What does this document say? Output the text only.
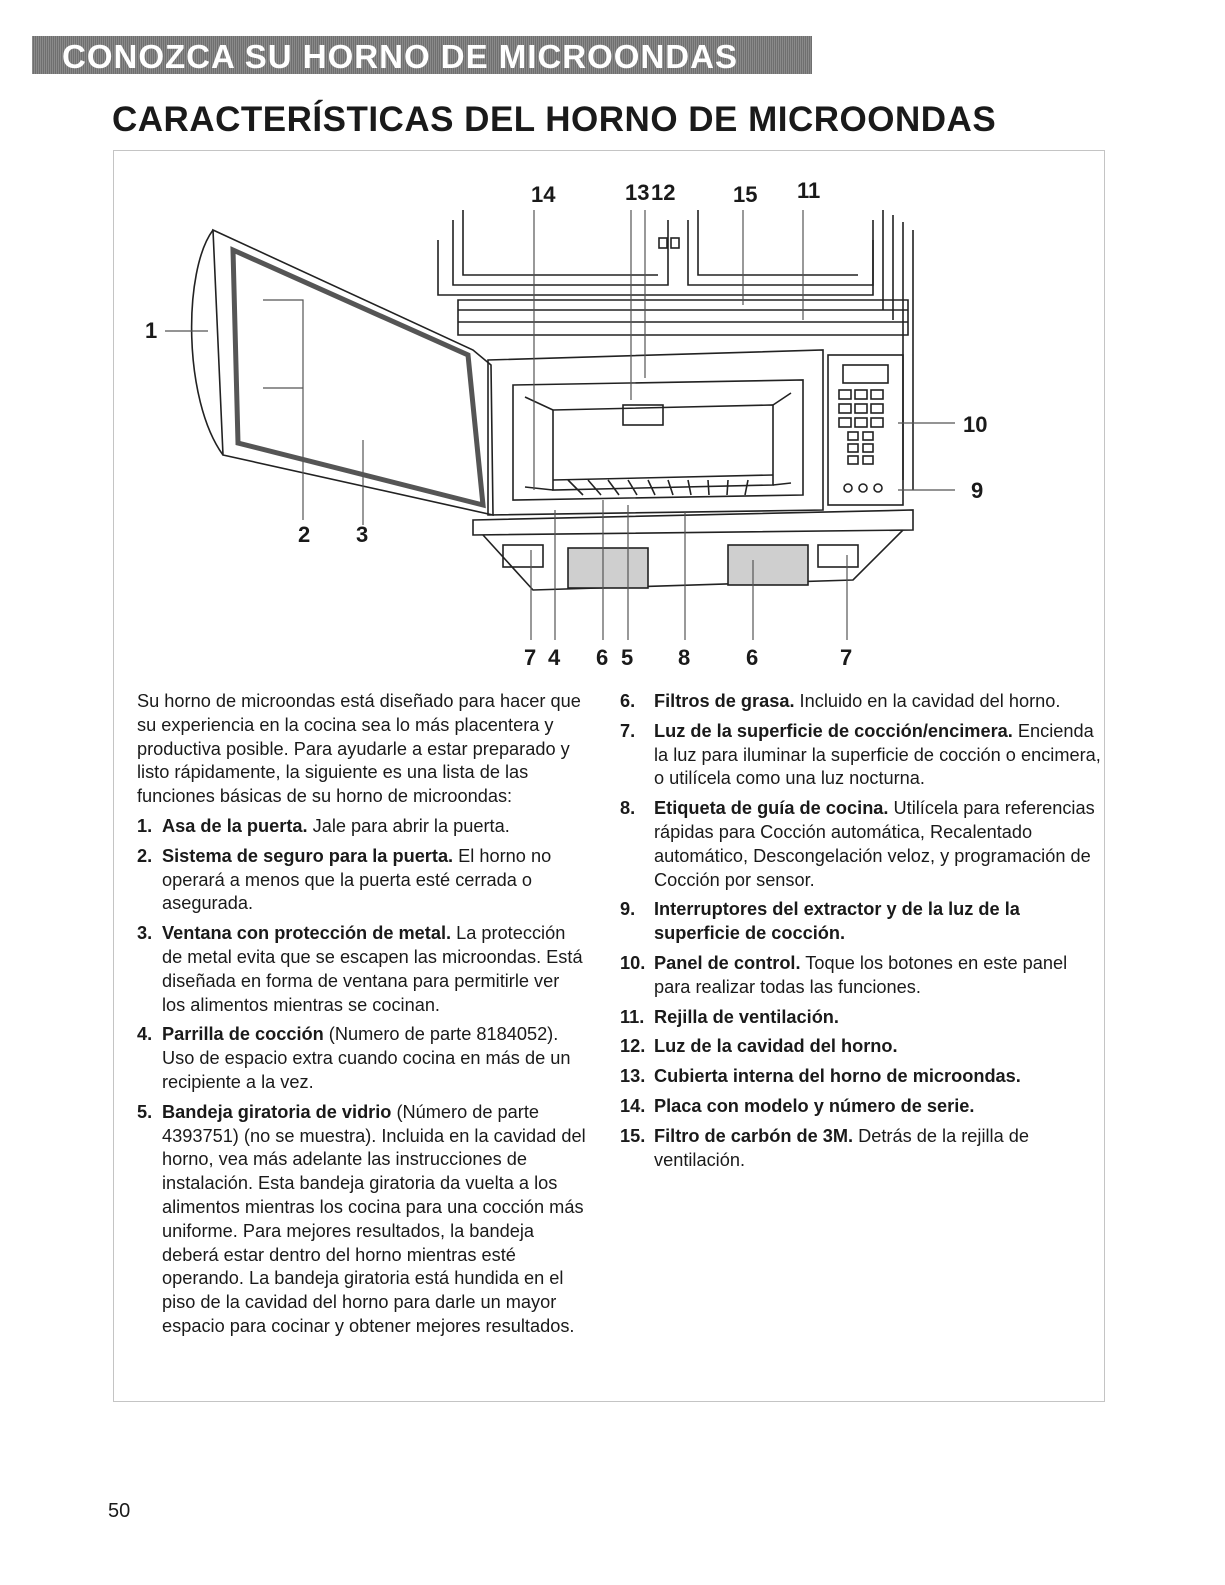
CONOZCA SU HORNO DE MICROONDAS
CARACTERÍSTICAS DEL HORNO DE MICROONDAS
14	13 12	15 11
1
2 3
10
9
7 4 6 5 8	6	7

Su horno de microondas está diseñado para hacer que su experiencia en la cocina sea lo más placentera y productiva posible. Para ayudarle a estar preparado y listo rápidamente, la siguiente es una lista de las funciones básicas de su horno de microondas:

1. Asa de la puerta. Jale para abrir la puerta.
2. Sistema de seguro para la puerta. El horno no operará a menos que la puerta esté cerrada o asegurada.
3. Ventana con protección de metal. La protección de metal evita que se escapen las microondas. Está diseñada en forma de ventana para permitirle ver los alimentos mientras se cocinan.
4. Parrilla de cocción (Numero de parte 8184052). Uso de espacio extra cuando cocina en más de un recipiente a la vez.
5. Bandeja giratoria de vidrio (Número de parte 4393751) (no se muestra). Incluida en la cavidad del horno, vea más adelante las instrucciones de instalación. Esta bandeja giratoria da vuelta a los alimentos mientras los cocina para una cocción más uniforme. Para mejores resultados, la bandeja deberá estar dentro del horno mientras esté operando. La bandeja giratoria está hundida en el piso de la cavidad del horno para darle un mayor espacio para cocinar y obtener mejores resultados.
6. Filtros de grasa. Incluido en la cavidad del horno.
7. Luz de la superficie de cocción/encimera. Encienda la luz para iluminar la superficie de cocción o encimera, o utilícela como una luz nocturna.
8. Etiqueta de guía de cocina. Utilícela para referencias rápidas para Cocción automática, Recalentado automático, Descongelación veloz, y programación de Cocción por sensor.
9. Interruptores del extractor y de la luz de la superficie de cocción.
10. Panel de control. Toque los botones en este panel para realizar todas las funciones.
11. Rejilla de ventilación.
12. Luz de la cavidad del horno.
13. Cubierta interna del horno de microondas.
14. Placa con modelo y número de serie.
15. Filtro de carbón de 3M. Detrás de la rejilla de ventilación.
50
